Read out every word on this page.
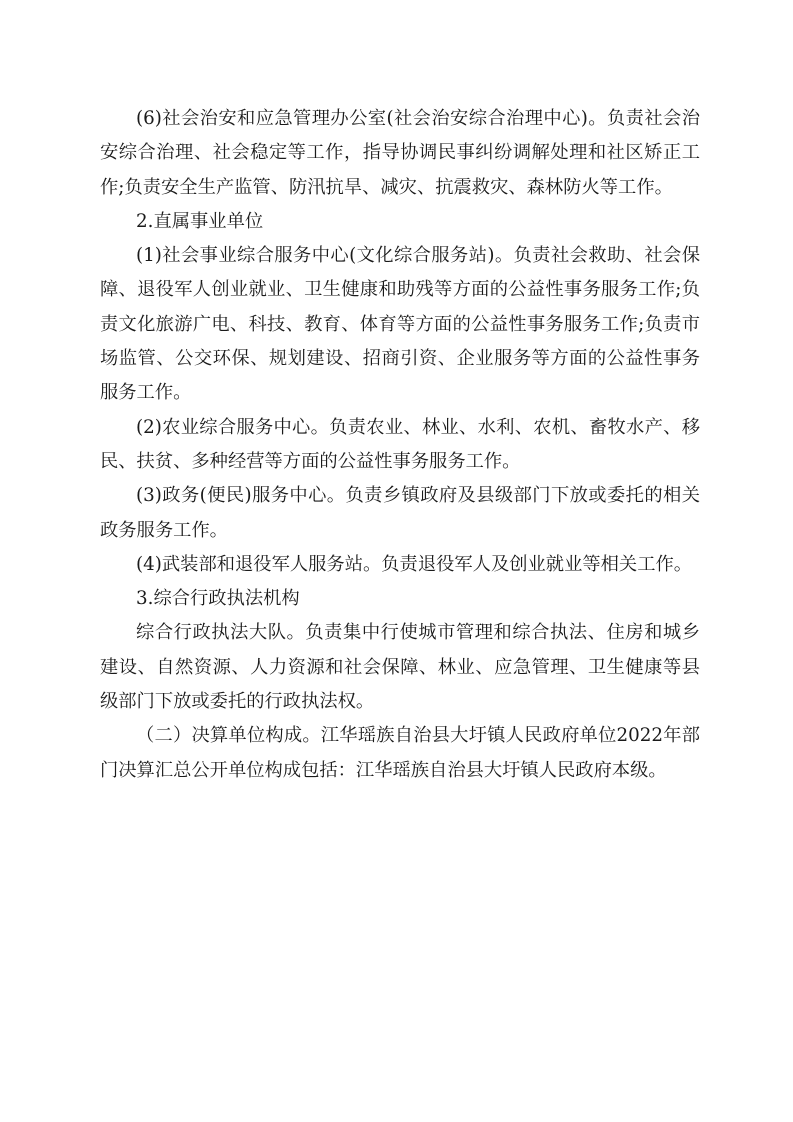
(6)社会治安和应急管理办公室(社会治安综合治理中心)。负责社会治安综合治理、社会稳定等工作，指导协调民事纠纷调解处理和社区矫正工作;负责安全生产监管、防汛抗旱、减灾、抗震救灾、森林防火等工作。

2.直属事业单位

(1)社会事业综合服务中心(文化综合服务站)。负责社会救助、社会保障、退役军人创业就业、卫生健康和助残等方面的公益性事务服务工作;负责文化旅游广电、科技、教育、体育等方面的公益性事务服务工作;负责市场监管、公交环保、规划建设、招商引资、企业服务等方面的公益性事务服务工作。

(2)农业综合服务中心。负责农业、林业、水利、农机、畜牧水产、移民、扶贫、多种经营等方面的公益性事务服务工作。

(3)政务(便民)服务中心。负责乡镇政府及县级部门下放或委托的相关政务服务工作。

(4)武装部和退役军人服务站。负责退役军人及创业就业等相关工作。

3.综合行政执法机构

综合行政执法大队。负责集中行使城市管理和综合执法、住房和城乡建设、自然资源、人力资源和社会保障、林业、应急管理、卫生健康等县级部门下放或委托的行政执法权。

（二）决算单位构成。江华瑶族自治县大圩镇人民政府单位2022年部门决算汇总公开单位构成包括：江华瑶族自治县大圩镇人民政府本级。
